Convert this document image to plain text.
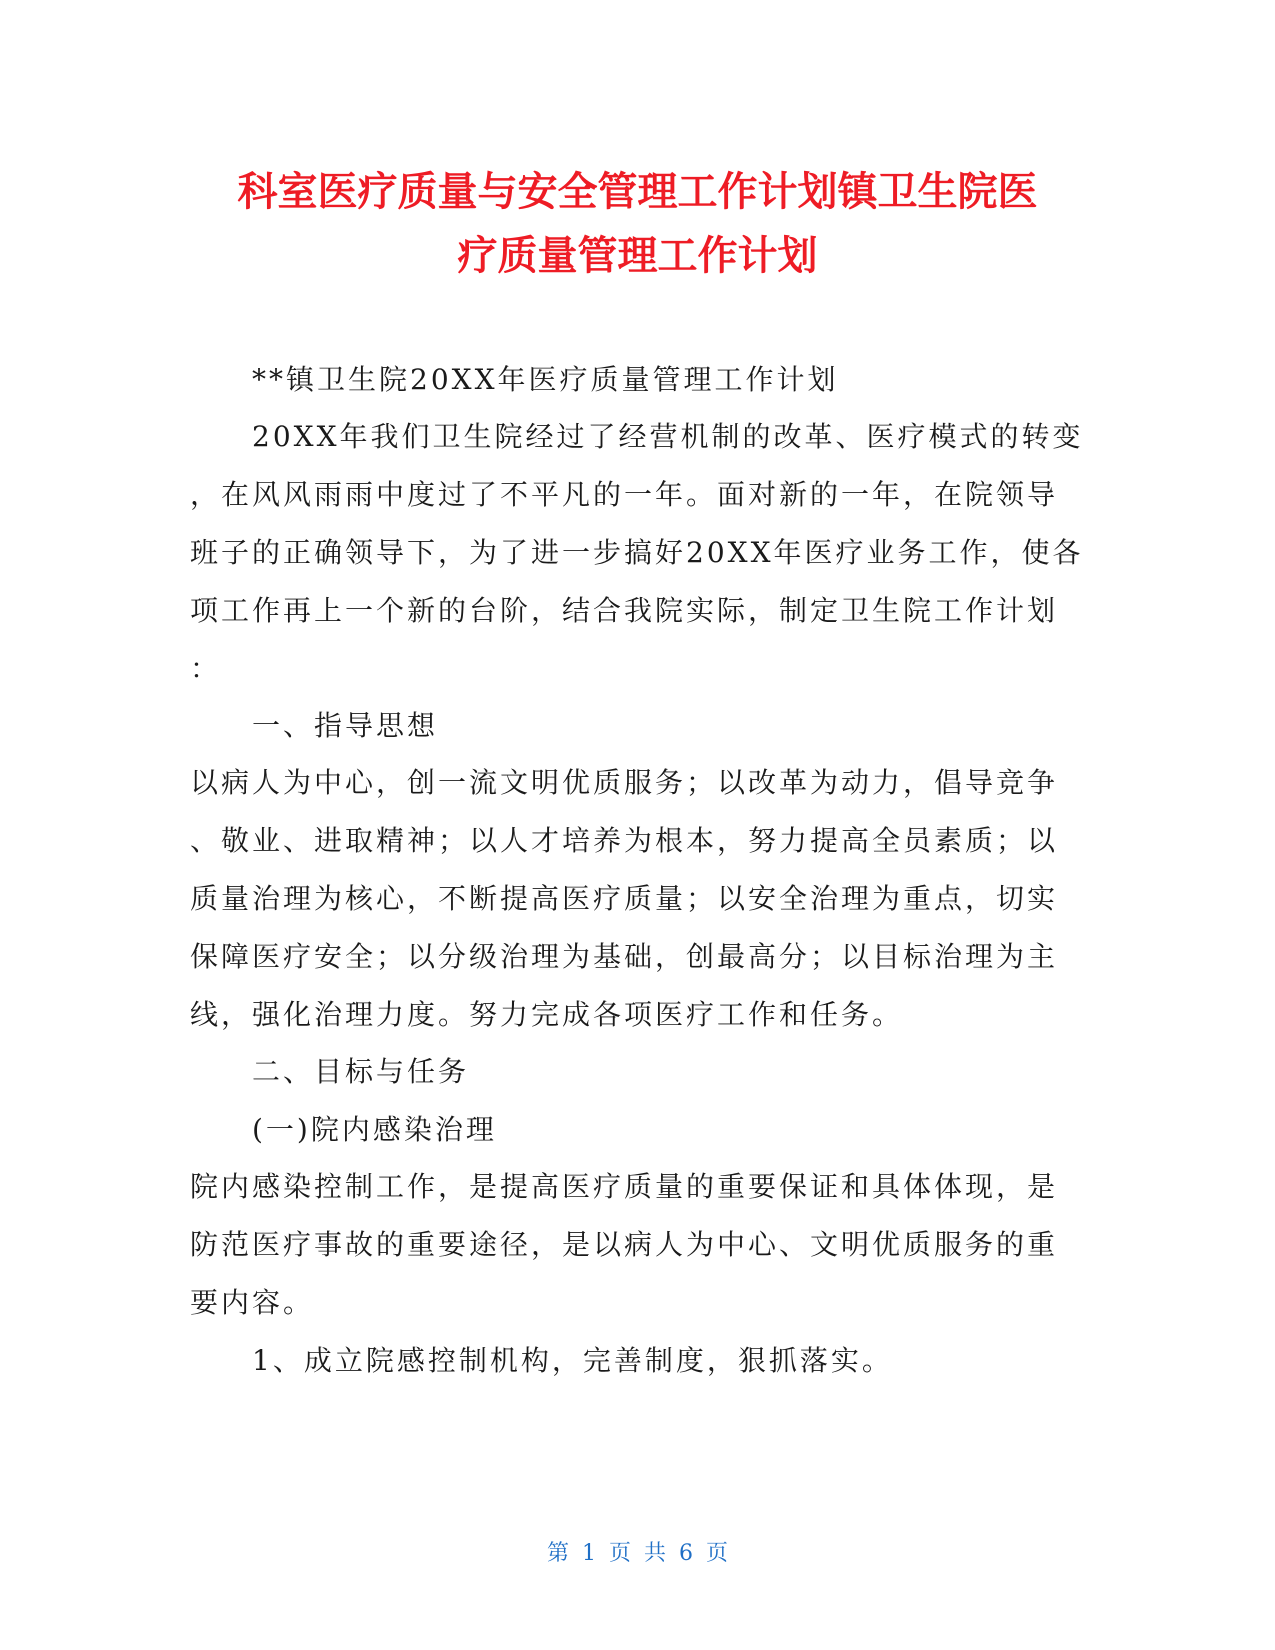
科室医疗质量与安全管理工作计划镇卫生院医
疗质量管理工作计划

**镇卫生院20XX年医疗质量管理工作计划

20XX年我们卫生院经过了经营机制的改革、医疗模式的转变

，在风风雨雨中度过了不平凡的一年。面对新的一年，在院领导

班子的正确领导下，为了进一步搞好20XX年医疗业务工作，使各

项工作再上一个新的台阶，结合我院实际，制定卫生院工作计划

：

一、指导思想

以病人为中心，创一流文明优质服务；以改革为动力，倡导竞争

、敬业、进取精神；以人才培养为根本，努力提高全员素质；以

质量治理为核心，不断提高医疗质量；以安全治理为重点，切实

保障医疗安全；以分级治理为基础，创最高分；以目标治理为主

线，强化治理力度。努力完成各项医疗工作和任务。

二、目标与任务

(一)院内感染治理

院内感染控制工作，是提高医疗质量的重要保证和具体体现，是

防范医疗事故的重要途径，是以病人为中心、文明优质服务的重

要内容。

1、成立院感控制机构，完善制度，狠抓落实。

第 1 页 共 6 页
